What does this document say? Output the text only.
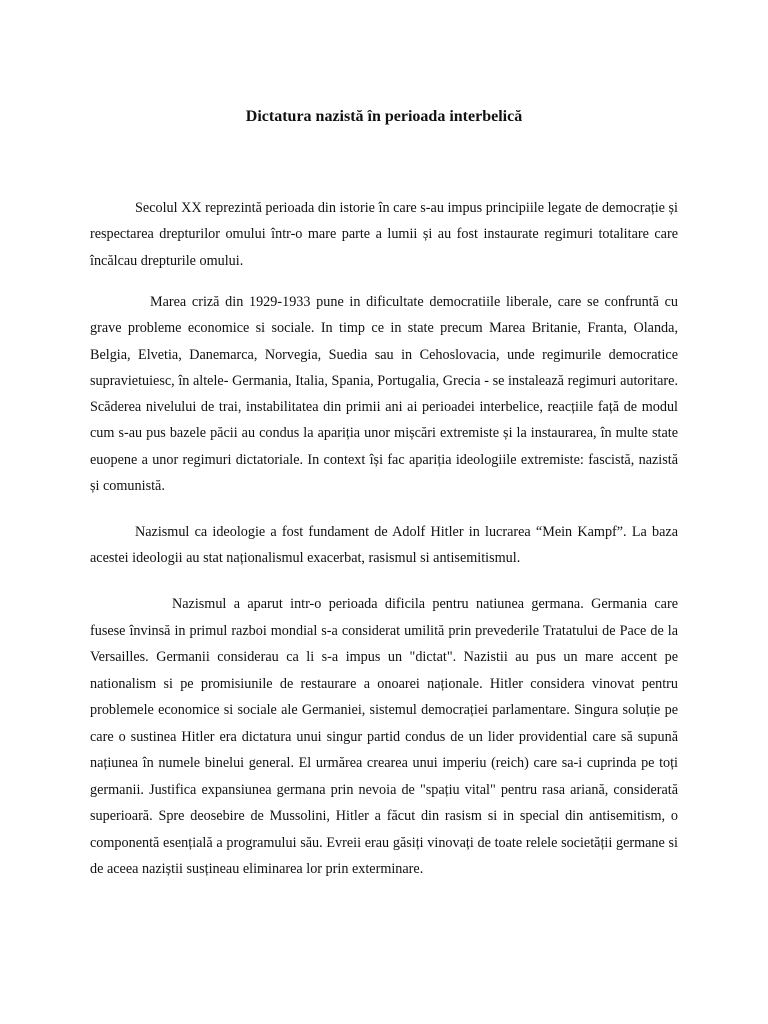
Dictatura nazistă în perioada interbelică

Secolul XX reprezintă perioada din istorie în care s-au impus principiile legate de democrație și respectarea drepturilor omului într-o mare parte a lumii și au fost instaurate regimuri totalitare care încălcau drepturile omului.

Marea criză din 1929-1933 pune in dificultate democratiile liberale, care se confruntă cu grave probleme economice si sociale. In timp ce in state precum Marea Britanie, Franta, Olanda, Belgia, Elvetia, Danemarca, Norvegia, Suedia sau in Cehoslovacia, unde regimurile democratice supravietuiesc, în altele- Germania, Italia, Spania, Portugalia, Grecia - se instalează regimuri autoritare. Scăderea nivelului de trai, instabilitatea din primii ani ai perioadei interbelice, reacțiile față de modul cum s-au pus bazele păcii au condus la apariția unor mișcări extremiste și la instaurarea, în multe state euopene a unor regimuri dictatoriale. In context își fac apariția ideologiile extremiste: fascistă, nazistă și comunistă.

Nazismul ca ideologie a fost fundament de Adolf Hitler in lucrarea “Mein Kampf”. La baza acestei ideologii au stat naționalismul exacerbat, rasismul si antisemitismul.

Nazismul a aparut intr-o perioada dificila pentru natiunea germana. Germania care fusese învinsă in primul razboi mondial s-a considerat umilită prin prevederile Tratatului de Pace de la Versailles. Germanii considerau ca li s-a impus un "dictat". Nazistii au pus un mare accent pe nationalism si pe promisiunile de restaurare a onoarei naționale. Hitler considera vinovat pentru problemele economice si sociale ale Germaniei, sistemul democrației parlamentare. Singura soluție pe care o sustinea Hitler era dictatura unui singur partid condus de un lider providential care să supună națiunea în numele binelui general. El urmărea crearea unui imperiu (reich) care sa-i cuprinda pe toți germanii. Justifica expansiunea germana prin nevoia de "spațiu vital" pentru rasa ariană, considerată superioară. Spre deosebire de Mussolini, Hitler a făcut din rasism si in special din antisemitism, o componentă esențială a programului său. Evreii erau găsiți vinovați de toate relele societății germane si de aceea naziștii susțineau eliminarea lor prin exterminare.
